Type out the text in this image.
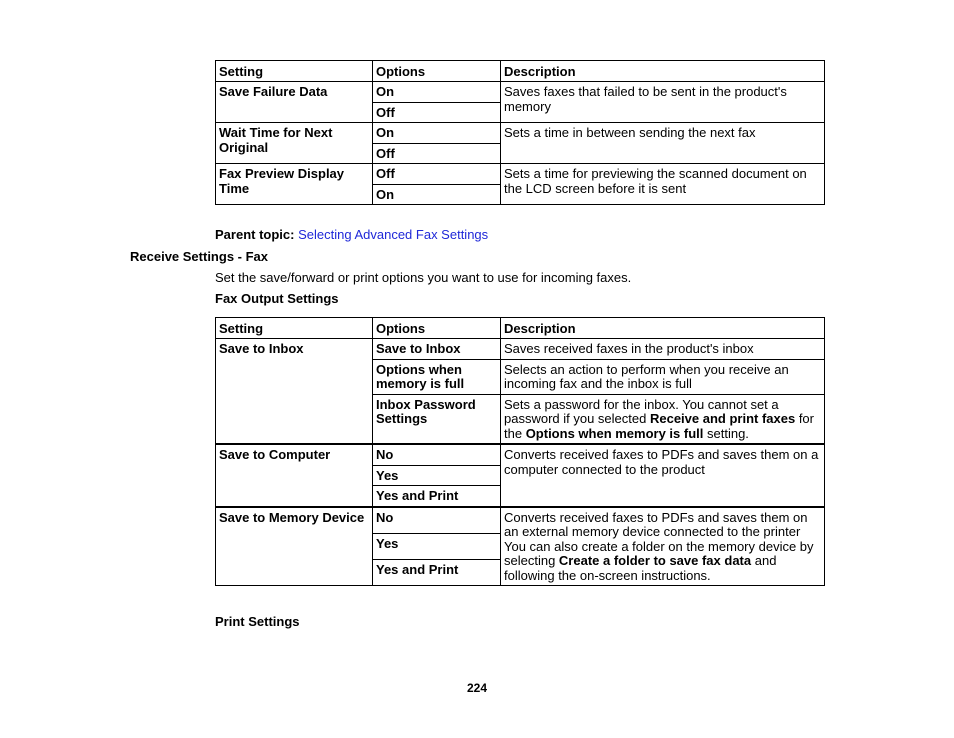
Setting	Options	Description
Save Failure Data	On	Saves faxes that failed to be sent in the product's memory
	Off	
Wait Time for Next Original	On	Sets a time in between sending the next fax
	Off	
Fax Preview Display Time	Off	Sets a time for previewing the scanned document on the LCD screen before it is sent
	On	
Parent topic: Selecting Advanced Fax Settings
Receive Settings - Fax
Set the save/forward or print options you want to use for incoming faxes.
Fax Output Settings
Setting	Options	Description
Save to Inbox	Save to Inbox	Saves received faxes in the product's inbox
	Options when memory is full	Selects an action to perform when you receive an incoming fax and the inbox is full
	Inbox Password Settings	Sets a password for the inbox. You cannot set a password if you selected Receive and print faxes for the Options when memory is full setting.
Save to Computer	No	Converts received faxes to PDFs and saves them on a computer connected to the product
	Yes	
	Yes and Print	
Save to Memory Device	No	Converts received faxes to PDFs and saves them on an external memory device connected to the printer

You can also create a folder on the memory device by selecting Create a folder to save fax data and following the on-screen instructions.

	Yes	
	Yes and Print	
Print Settings
224
